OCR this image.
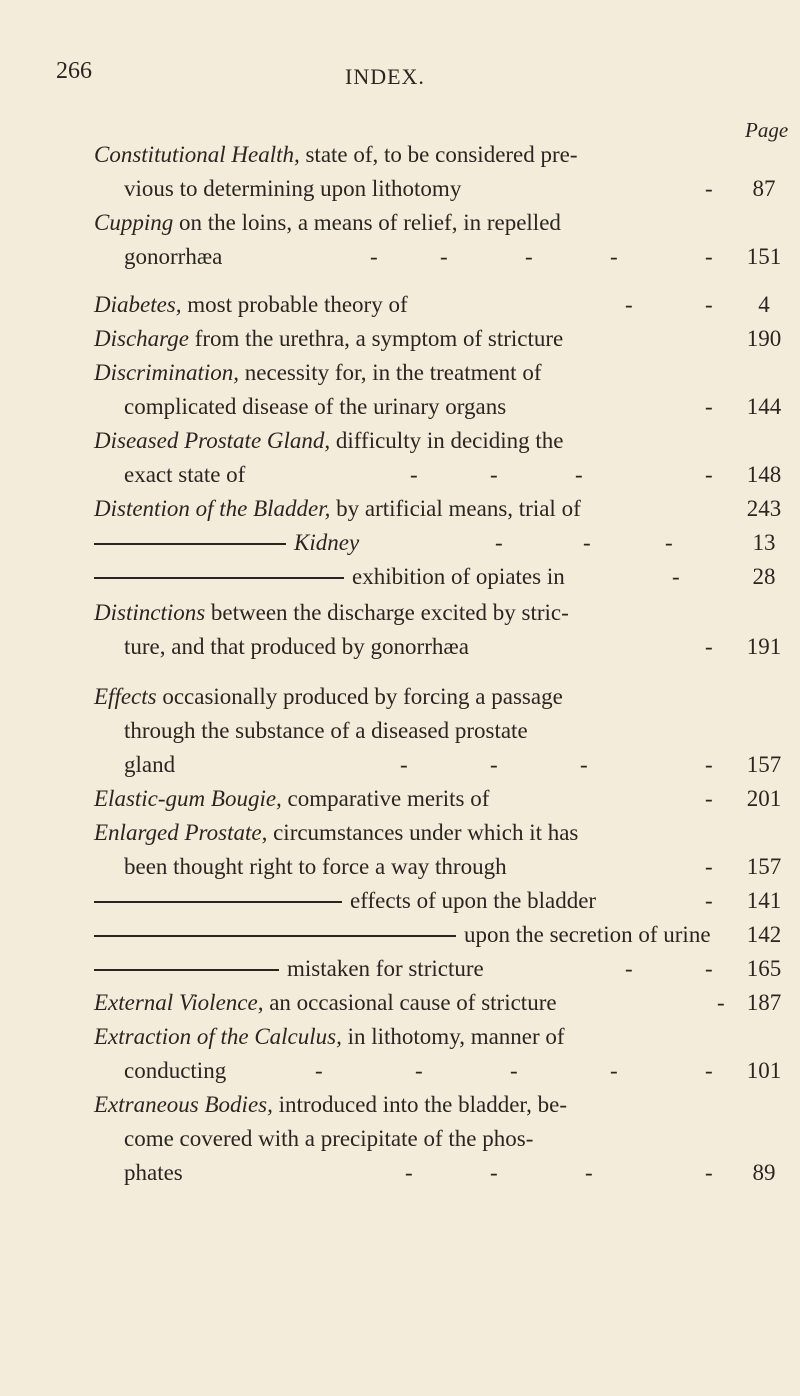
266	INDEX.
Page
Constitutional Health, state of, to be considered pre-
vious to determining upon lithotomy	-	87
Cupping on the loins, a means of relief, in repelled
gonorrhæa	-	-	-	-	- 151
Diabetes, most probable theory of	-	-	4
Discharge from the urethra, a symptom of stricture	190
Discrimination, necessity for, in the treatment of
complicated disease of the urinary organs	- 144
Diseased Prostate Gland, difficulty in deciding the
exact state of	-	-	-	- 148
Distention of the Bladder, by artificial means, trial of	243
Kidney	-	-	-	13
exhibition of opiates in	-	28
Distinctions between the discharge excited by stric-
ture, and that produced by gonorrhæa	- 191
Effects occasionally produced by forcing a passage
through the substance of a diseased prostate
gland	-	-	-	- 157
Elastic-gum Bougie, comparative merits of	- 201
Enlarged Prostate, circumstances under which it has
been thought right to force a way through	- 157
effects of upon the bladder	- 141
upon the secretion of urine 142
mistaken for stricture	-	- 165
External Violence, an occasional cause of stricture	- 187
Extraction of the Calculus, in lithotomy, manner of
conducting	-	-	-	-	- 101
Extraneous Bodies, introduced into the bladder, be-
come covered with a precipitate of the phos-
phates	-	-	-	-	89
